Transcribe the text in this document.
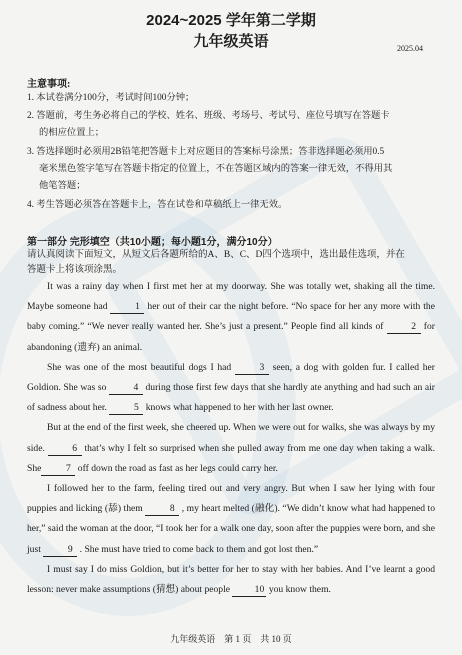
2024~2025 学年第二学期
九年级英语	2025.04
主意事项:
1. 本试卷满分100分，考试时间100分钟；
2. 答题前，考生务必将自己的学校、姓名、班级、考场号、考试号、座位号填写在答题卡
的相应位置上；
3. 答选择题时必须用2B铅笔把答题卡上对应题目的答案标号涂黑；答非选择题必须用0.5
毫米黑色签字笔写在答题卡指定的位置上，不在答题区域内的答案一律无效，不得用其
他笔答题；
4. 考生答题必须答在答题卡上，答在试卷和草稿纸上一律无效。
第一部分 完形填空（共10小题；每小题1分，满分10分）
请认真阅读下面短文，从短文后各题所给的A、B、C、D四个选项中，选出最佳选项，并在
答题卡上将该项涂黑。

It was a rainy day when I first met her at my doorway. She was totally wet, shaking all the time. Maybe someone had	1 her out of their car the night before. “No space for her any more with the baby coming.” “We never really wanted her. She’s just a present.” People find all kinds of	2 for abandoning (遗弃) an animal.

She was one of the most beautiful dogs I had	3 seen, a dog with golden fur. I called her Goldion. She was so	4 during those first few days that she hardly ate anything and had such an air of sadness about her.	5 knows what happened to her with her last owner.

But at the end of the first week, she cheered up. When we were out for walks, she was always by my side.	6 that’s why I felt so surprised when she pulled away from me one day when taking a walk. She	7 off down the road as fast as her legs could carry her.

I followed her to the farm, feeling tired out and very angry. But when I saw her lying with four puppies and licking (舔) them	8 , my heart melted (融化). “We didn’t know what had happened to her,” said the woman at the door, “I took her for a walk one day, soon after the puppies were born, and she just	9 . She must have tried to come back to them and got lost then.”

I must say I do miss Goldion, but it’s better for her to stay with her babies. And I’ve learnt a good lesson: never make assumptions (猜想) about people 10 you know them.

九年级英语　第 1 页　共 10 页
